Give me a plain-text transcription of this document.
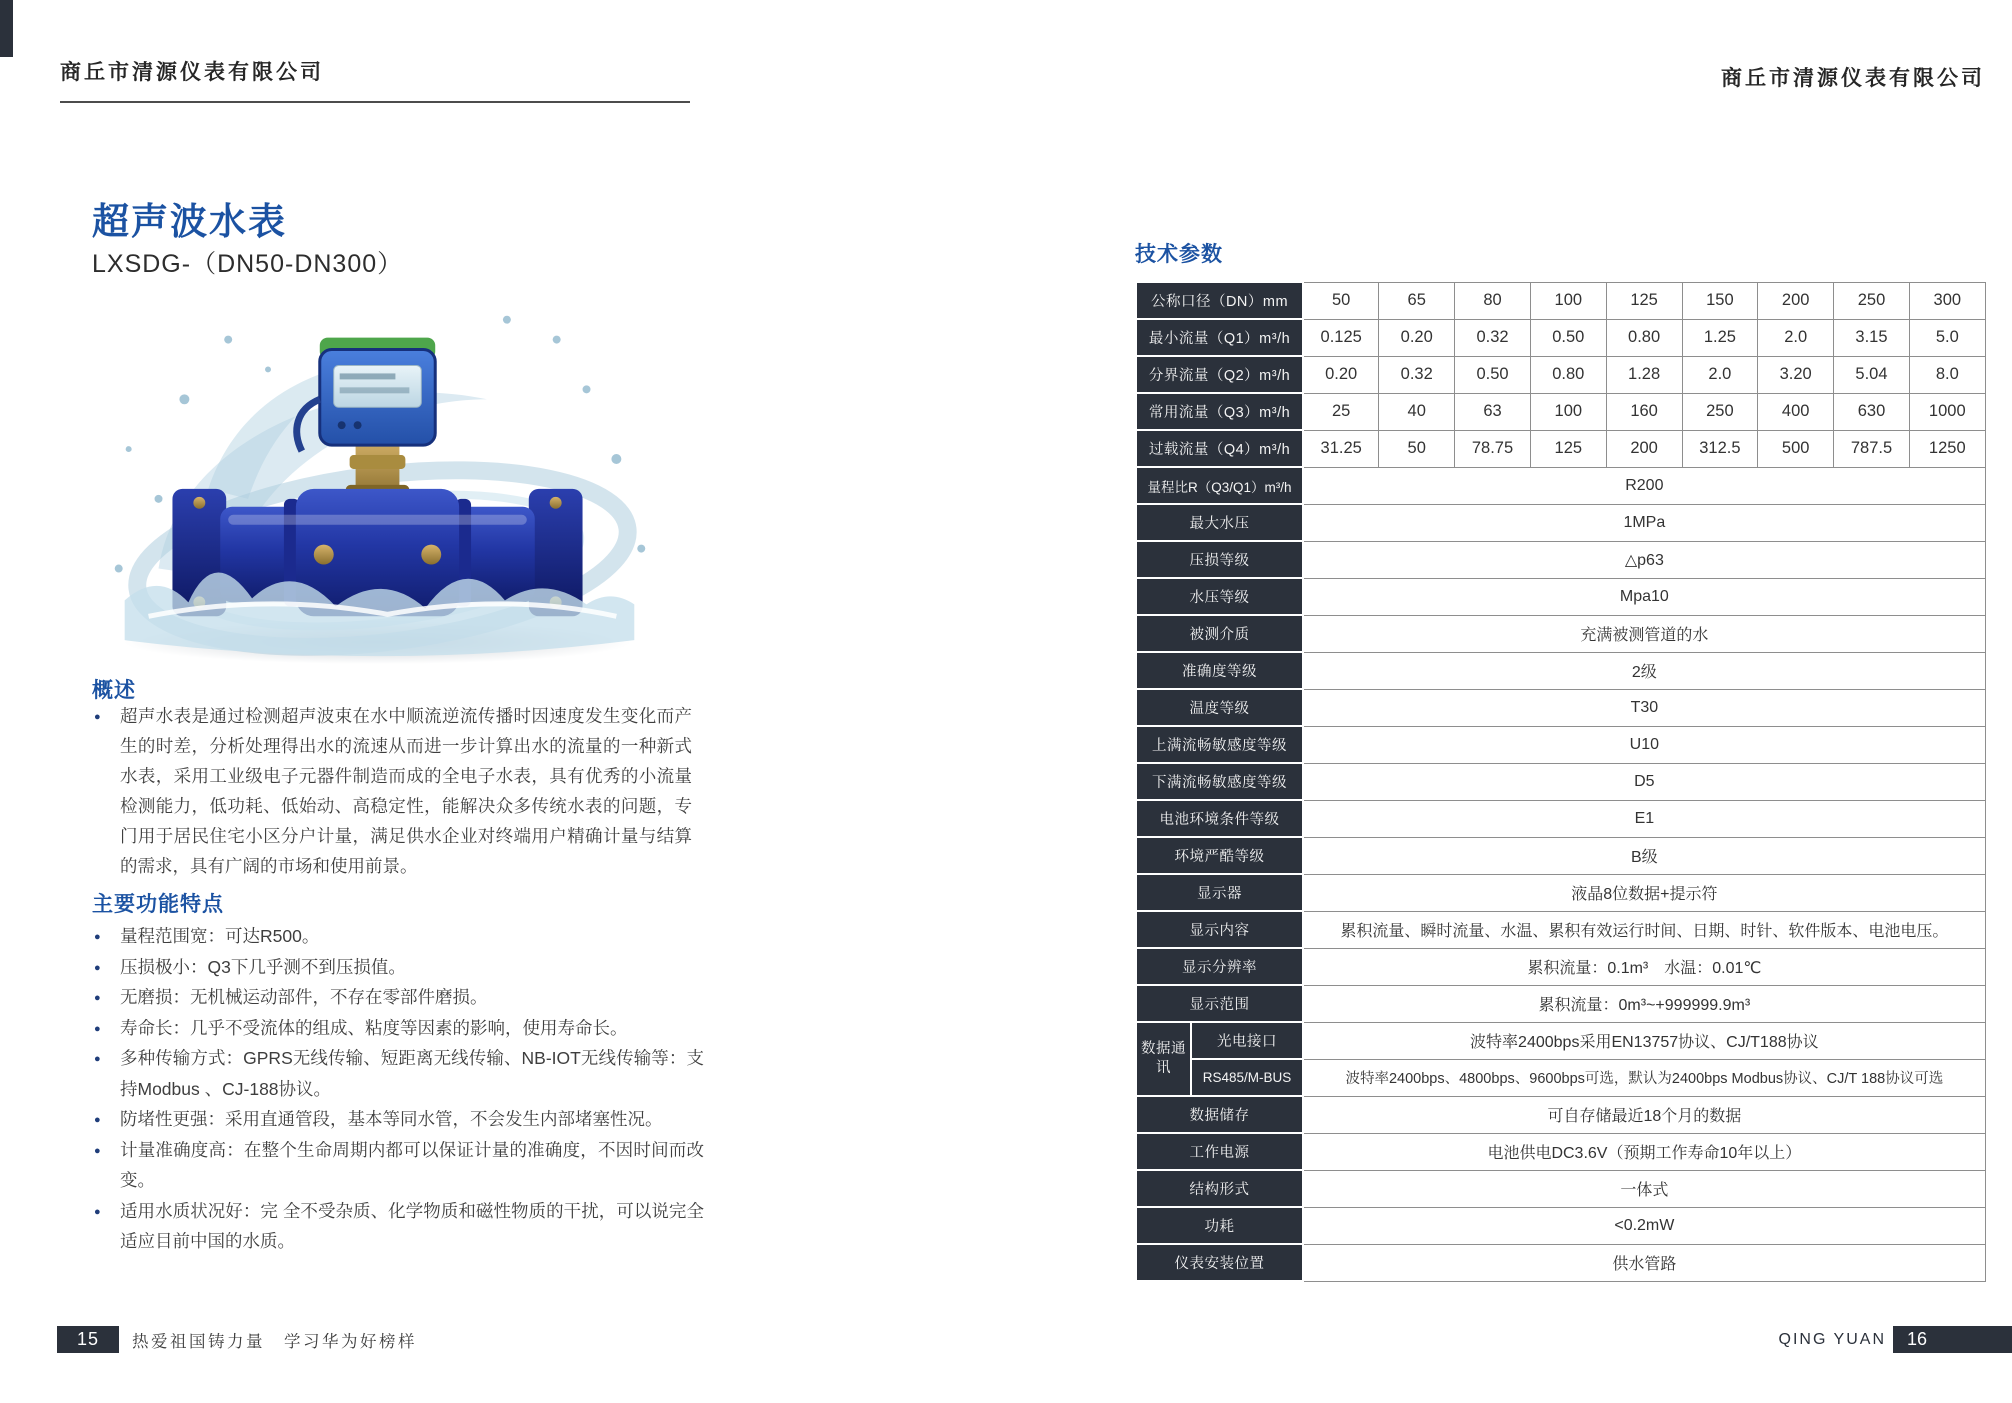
商丘市清源仪表有限公司	商丘市清源仪表有限公司
超声波水表
LXSDG-（DN50-DN300）
概述
● 超声水表是通过检测超声波束在水中顺流逆流传播时因速度发生变化而产生的时差，分析处理得出水的流速从而进一步计算出水的流量的一种新式水表，采用工业级电子元器件制造而成的全电子水表，具有优秀的小流量检测能力，低功耗、低始动、高稳定性，能解决众多传统水表的问题，专门用于居民住宅小区分户计量，满足供水企业对终端用户精确计量与结算的需求，具有广阔的市场和使用前景。
主要功能特点
● 量程范围宽：可达R500。
● 压损极小：Q3下几乎测不到压损值。
● 无磨损：无机械运动部件，不存在零部件磨损。
● 寿命长：几乎不受流体的组成、粘度等因素的影响，使用寿命长。
● 多种传输方式：GPRS无线传输、短距离无线传输、NB-IOT无线传输等：支持Modbus 、CJ-188协议。
● 防堵性更强：采用直通管段，基本等同水管，不会发生内部堵塞性况。
● 计量准确度高：在整个生命周期内都可以保证计量的准确度，不因时间而改变。
● 适用水质状况好：完 全不受杂质、化学物质和磁性物质的干扰，可以说完全适应目前中国的水质。
技术参数
公称口径（DN）mm		50	65	80	100	125	150	200	250	300
最小流量（Q1）m³/h		0.125	0.20	0.32	0.50	0.80	1.25	2.0	3.15	5.0
分界流量（Q2）m³/h		0.20	0.32	0.50	0.80	1.28	2.0	3.20	5.04	8.0
常用流量（Q3）m³/h		25	40	63	100	160	250	400	630	1000
过载流量（Q4）m³/h		31.25	50	78.75	125	200	312.5	500	787.5	1250
量程比R（Q3/Q1）m³/h		R200								
最大水压		1MPa								
压损等级		△p63								
水压等级		Mpa10								
被测介质		充满被测管道的水								
准确度等级		2级								
温度等级		T30								
上满流畅敏感度等级		U10								
下满流畅敏感度等级		D5								
电池环境条件等级		E1								
环境严酷等级		B级								
显示器		液晶8位数据+提示符								
显示内容		累积流量、瞬时流量、水温、累积有效运行时间、日期、时针、软件版本、电池电压。								
显示分辨率		累积流量：0.1m³　水温：0.01℃								
显示范围		累积流量：0m³~+999999.9m³								
数据通讯	光电接口	波特率2400bps采用EN13757协议、CJ/T188协议								
	RS485/M-BUS	波特率2400bps、4800bps、9600bps可选，默认为2400bps Modbus协议、CJ/T 188协议可选								
数据储存		可自存储最近18个月的数据								
工作电源		电池供电DC3.6V（预期工作寿命10年以上）								
结构形式		一体式								
功耗		<0.2mW								
仪表安装位置		供水管路								
15	热爱祖国铸力量　学习华为好榜样	QING YUAN	16
